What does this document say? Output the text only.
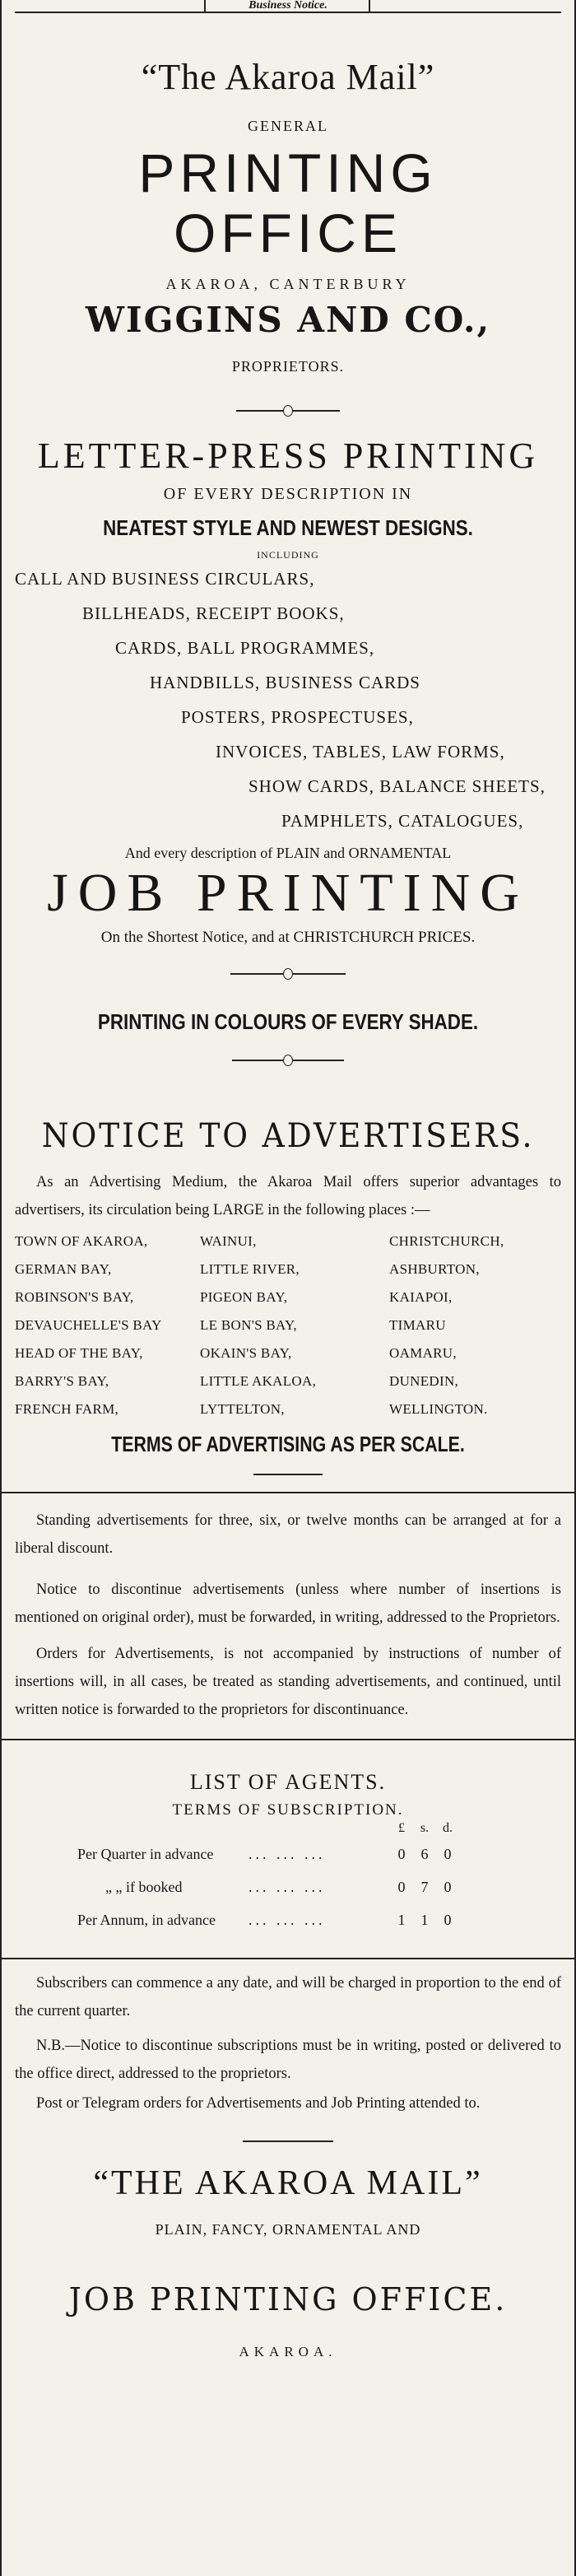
Business Notice.
“The Akaroa Mail”
GENERAL
PRINTING OFFICE
AKAROA, CANTERBURY
WIGGINS AND CO.,
PROPRIETORS.
LETTER-PRESS PRINTING
OF EVERY DESCRIPTION IN
NEATEST STYLE AND NEWEST DESIGNS.
INCLUDING
CALL AND BUSINESS CIRCULARS,
BILLHEADS, RECEIPT BOOKS,
CARDS, BALL PROGRAMMES,
HANDBILLS, BUSINESS CARDS
POSTERS, PROSPECTUSES,
INVOICES, TABLES, LAW FORMS,
SHOW CARDS, BALANCE SHEETS,
PAMPHLETS, CATALOGUES,
And every description of PLAIN and ORNAMENTAL
JOB PRINTING
On the Shortest Notice, and at CHRISTCHURCH PRICES.
PRINTING IN COLOURS OF EVERY SHADE.
NOTICE TO ADVERTISERS.

As an Advertising Medium, the Akaroa Mail offers superior advantages to advertisers, its circulation being LARGE in the following places :—

TOWN OF AKAROA,	WAINUI,	CHRISTCHURCH,
GERMAN BAY,	LITTLE RIVER,	ASHBURTON,
ROBINSON'S BAY,	PIGEON BAY,	KAIAPOI,
DEVAUCHELLE'S BAY	LE BON'S BAY,	TIMARU
HEAD OF THE BAY,	OKAIN'S BAY,	OAMARU,
BARRY'S BAY,	LITTLE AKALOA,	DUNEDIN,
FRENCH FARM,	LYTTELTON,	WELLINGTON.
TERMS OF ADVERTISING AS PER SCALE.

Standing advertisements for three, six, or twelve months can be arranged at for a liberal discount.

Notice to discontinue advertisements (unless where number of insertions is mentioned on original order), must be forwarded, in writing, addressed to the Proprietors.

Orders for Advertisements, is not accompanied by instructions of number of insertions will, in all cases, be treated as standing advertisements, and continued, until written notice is forwarded to the proprietors for discontinuance.

LIST OF AGENTS.
TERMS OF SUBSCRIPTION.
£	s.	d.
Per Quarter in advance	... ... ...	0	6	0
„ „ if booked	... ... ...	0	7	0
Per Annum, in advance	... ... ...	1	1	0

Subscribers can commence a any date, and will be charged in proportion to the end of the current quarter.

N.B.—Notice to discontinue subscriptions must be in writing, posted or delivered to the office direct, addressed to the proprietors.

Post or Telegram orders for Advertisements and Job Printing attended to.

“THE AKAROA MAIL”
PLAIN, FANCY, ORNAMENTAL AND
JOB PRINTING OFFICE.
AKAROA.
